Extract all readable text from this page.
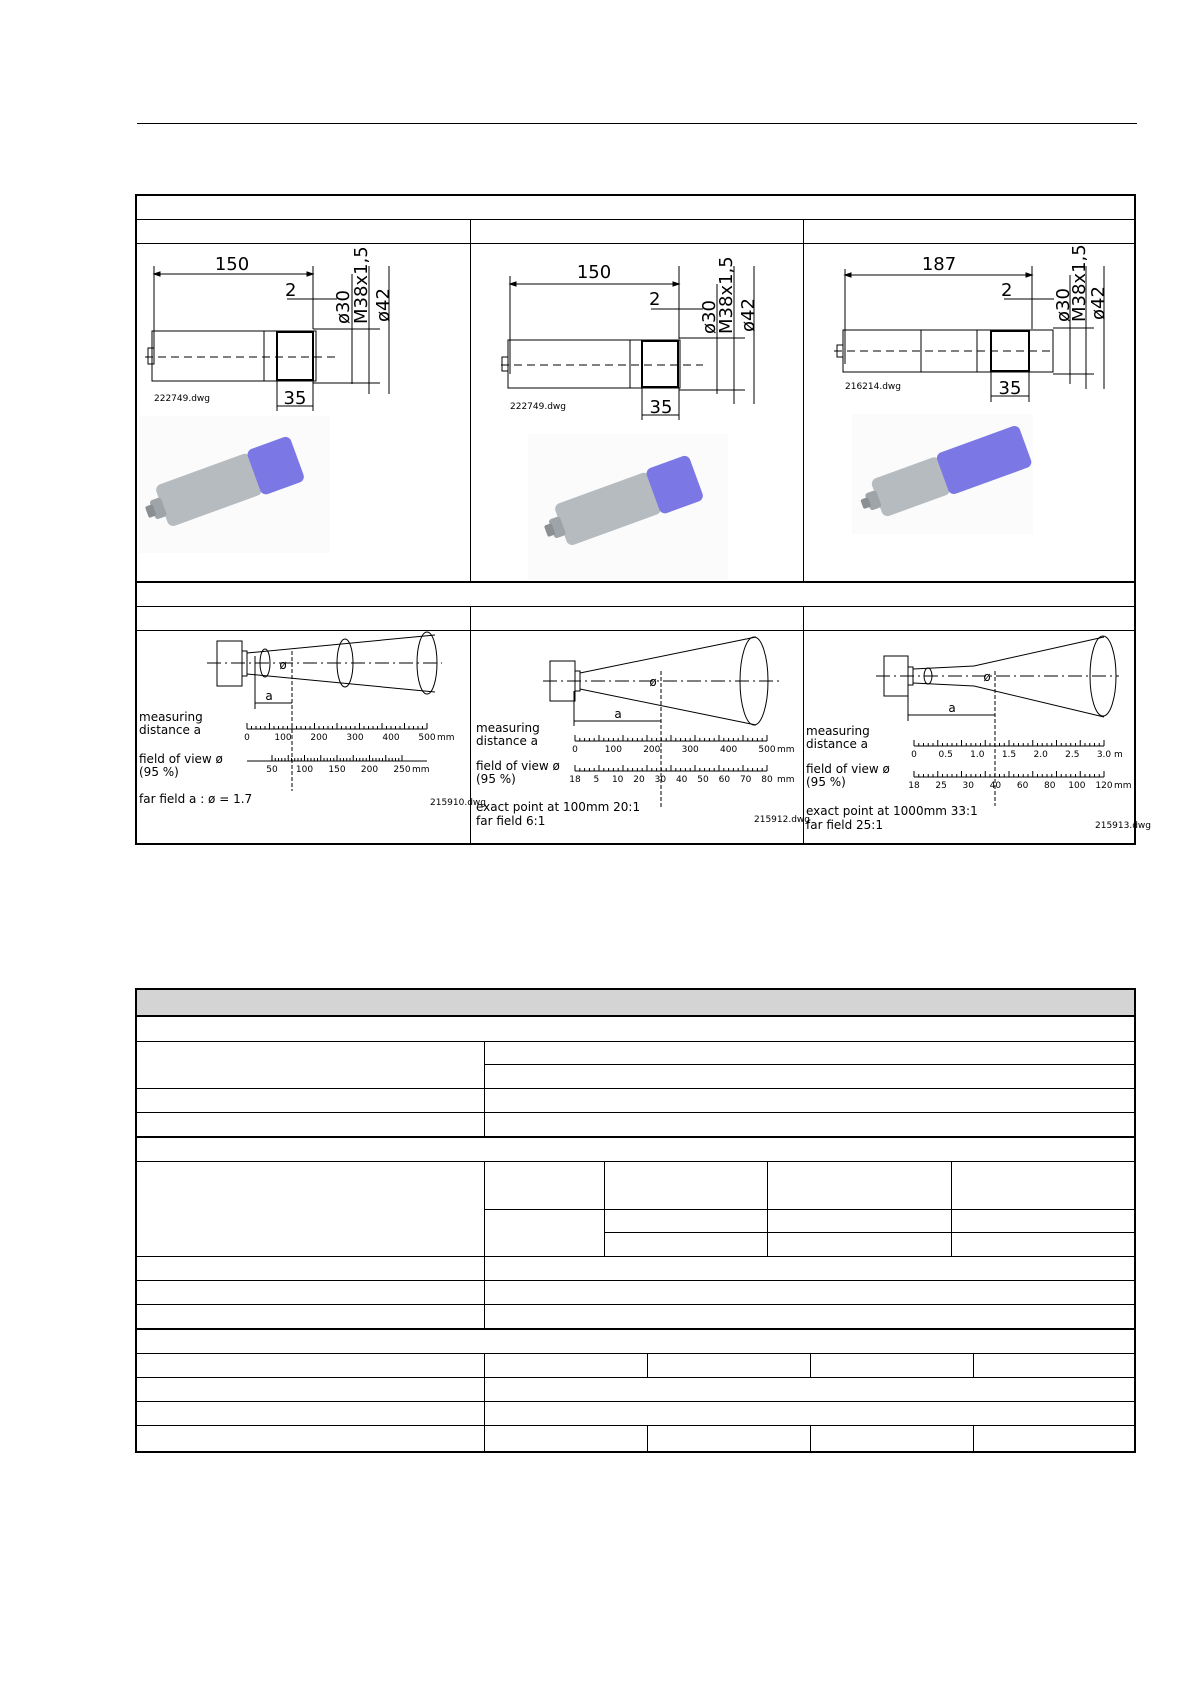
150
2 ø30
M38x1,5 ø42
35
222749.dwg
150
2
ø30
M38x1,5 ø42
35
222749.dwg
187
2 ø30
M38x1,5
ø42
35
216214.dwg
a
ø
measuring distance a
0	100 200 300 400 500 mm
field of view ø (95 %)	50 100 150 200 250 mm
far field a : ø = 1.7	215910.dwg
a
ø
measuring distance a
0	100 200 300 400 500 mm
field of view ø (95 %)	18 5 10 20 30 40 50 60 70 80 mm
exact point at 100mm 20:1
far field 6:1	215912.dwg
a
ø
measuring distance a
0 0.5 1.0 1.5 2.0 2.5 3.0 m
field of view ø (95 %)	18 25 30 40 60 80 100 120 mm
exact point at 1000mm 33:1
far field 25:1	215913.dwg
